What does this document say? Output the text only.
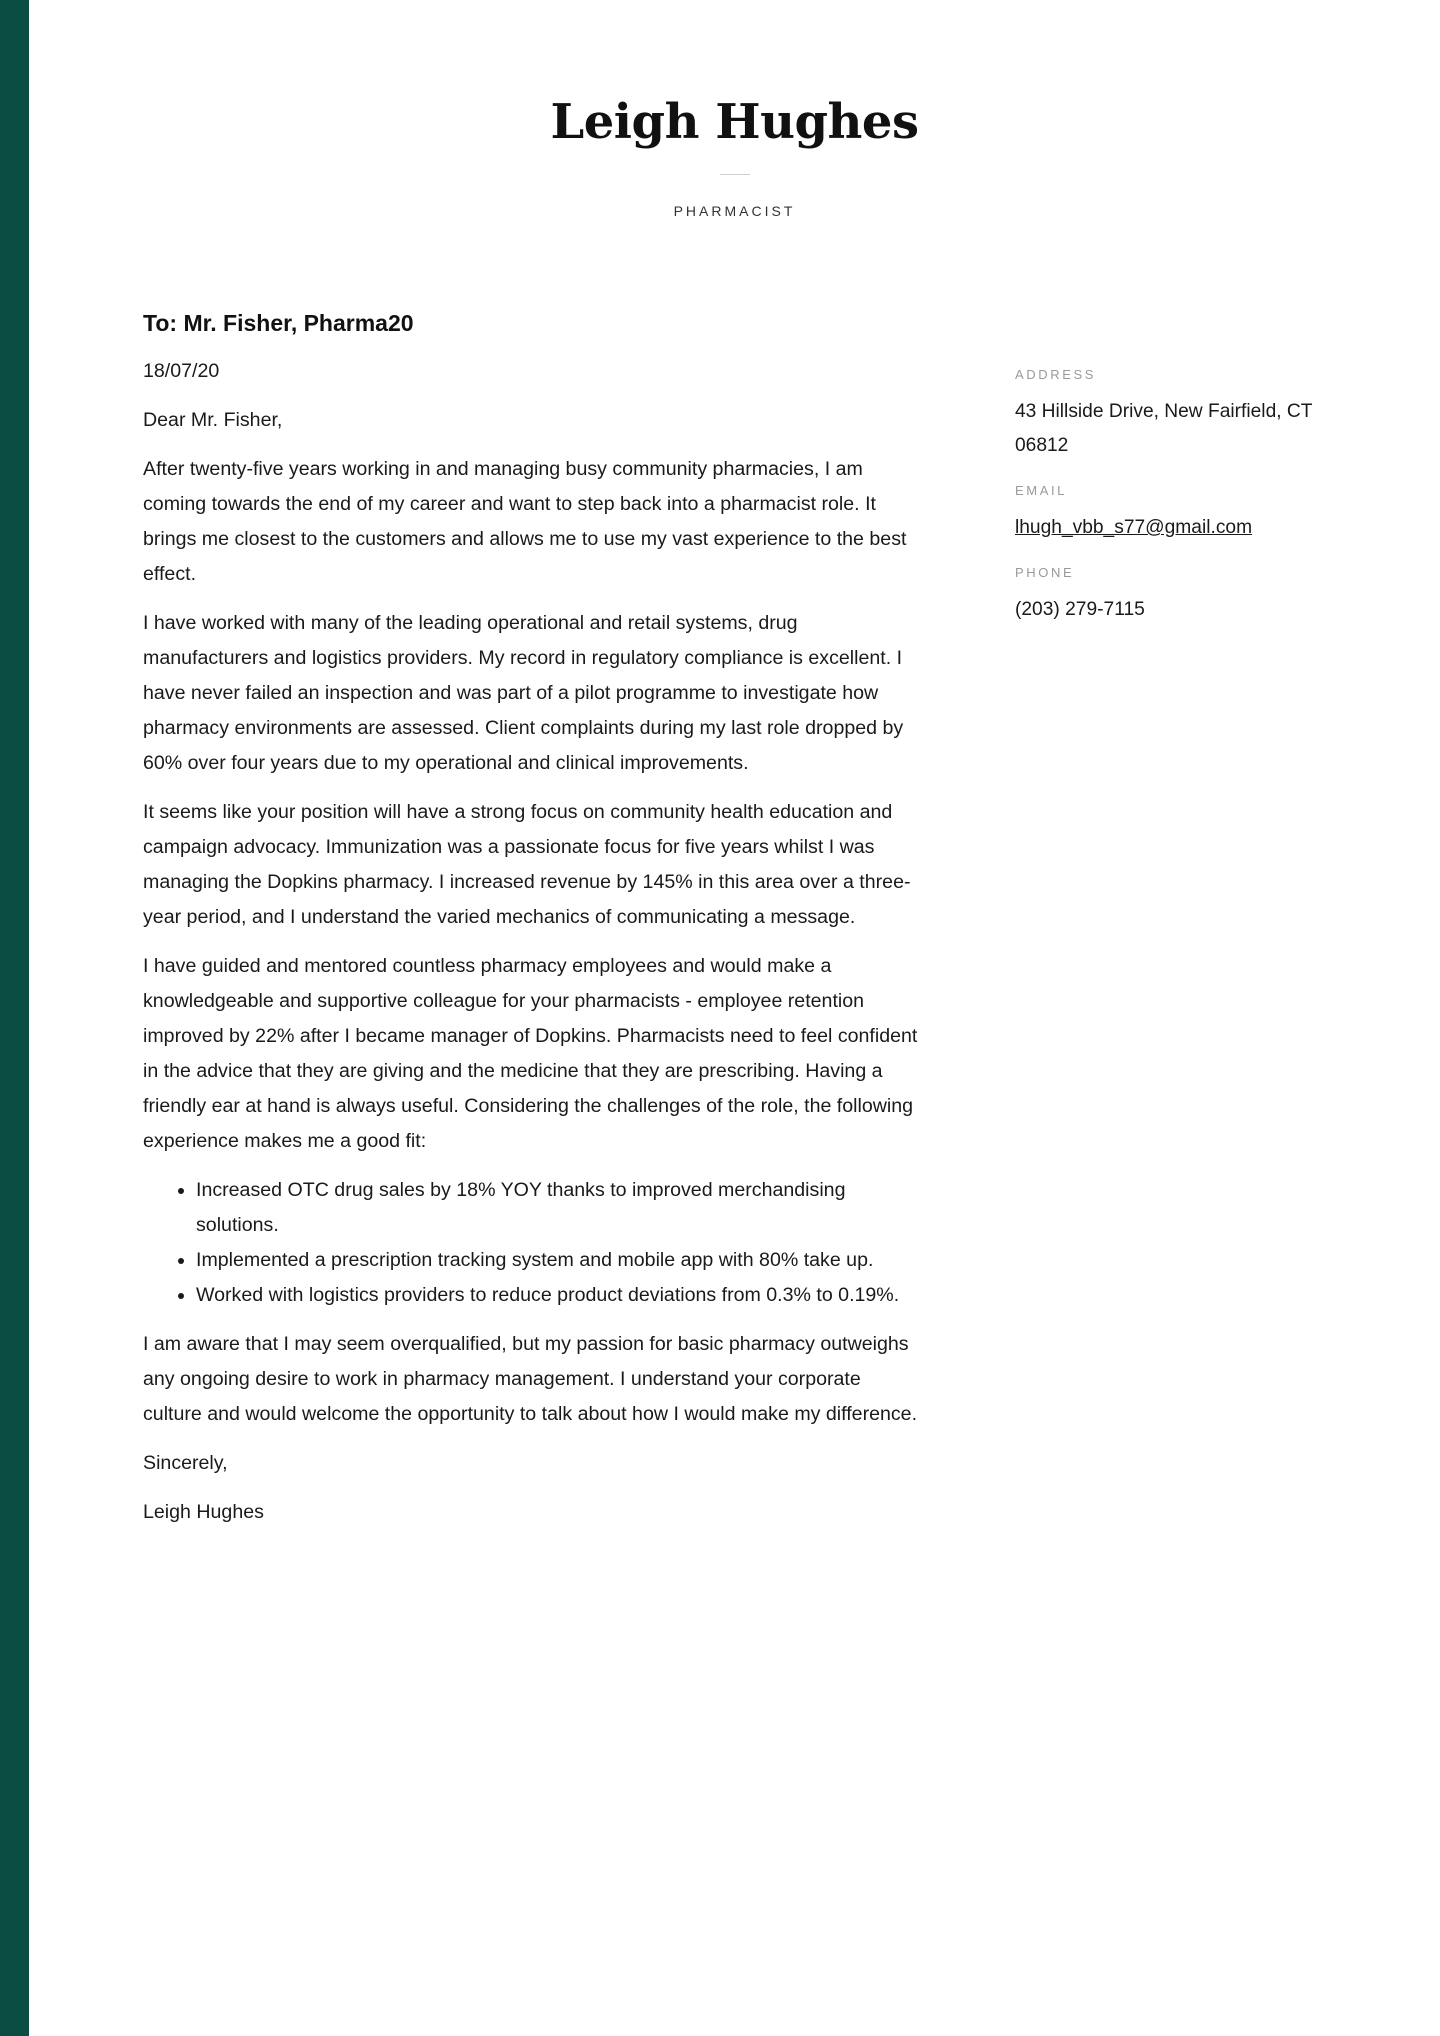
Leigh Hughes
PHARMACIST
To: Mr. Fisher, Pharma20

18/07/20

Dear Mr. Fisher,

After twenty-five years working in and managing busy community pharmacies, I am coming towards the end of my career and want to step back into a pharmacist role. It brings me closest to the customers and allows me to use my vast experience to the best effect.

I have worked with many of the leading operational and retail systems, drug manufacturers and logistics providers. My record in regulatory compliance is excellent. I have never failed an inspection and was part of a pilot programme to investigate how pharmacy environments are assessed. Client complaints during my last role dropped by 60% over four years due to my operational and clinical improvements.

It seems like your position will have a strong focus on community health education and campaign advocacy. Immunization was a passionate focus for five years whilst I was managing the Dopkins pharmacy. I increased revenue by 145% in this area over a three-year period, and I understand the varied mechanics of communicating a message.

I have guided and mentored countless pharmacy employees and would make a knowledgeable and supportive colleague for your pharmacists - employee retention improved by 22% after I became manager of Dopkins. Pharmacists need to feel confident in the advice that they are giving and the medicine that they are prescribing. Having a friendly ear at hand is always useful. Considering the challenges of the role, the following experience makes me a good fit:

• Increased OTC drug sales by 18% YOY thanks to improved merchandising solutions.
• Implemented a prescription tracking system and mobile app with 80% take up.
• Worked with logistics providers to reduce product deviations from 0.3% to 0.19%.

I am aware that I may seem overqualified, but my passion for basic pharmacy outweighs any ongoing desire to work in pharmacy management. I understand your corporate culture and would welcome the opportunity to talk about how I would make my difference.

Sincerely,

Leigh Hughes

ADDRESS
43 Hillside Drive, New Fairfield, CT 06812
EMAIL
lhugh_vbb_s77@gmail.com
PHONE
(203) 279-7115
